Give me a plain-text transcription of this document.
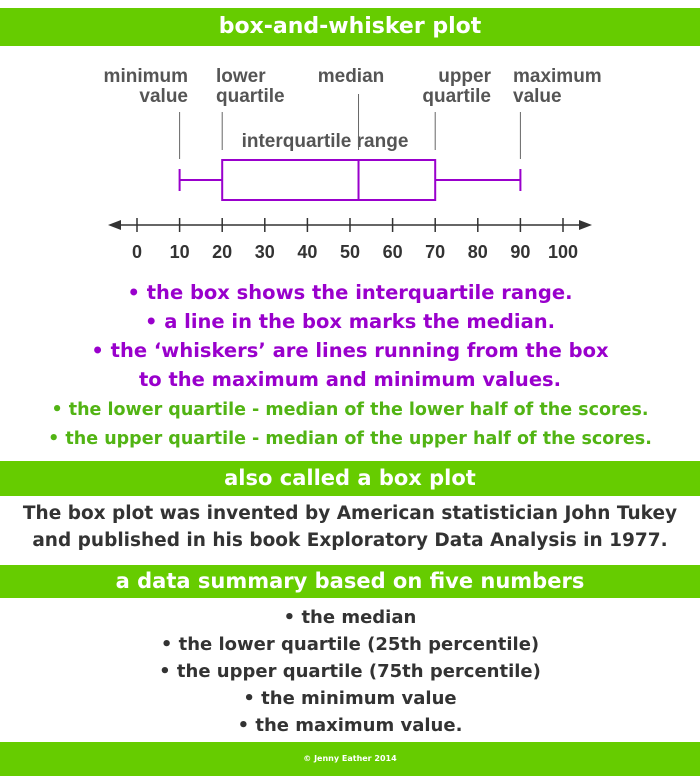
box-and-whisker plot
minimum
value
lower
quartile
median	upper
quartile
maximum
value
interquartile range
0 10 20 30 40 50 60 70 80 90 100
• the box shows the interquartile range.
• a line in the box marks the median.
• the ‘whiskers’ are lines running from the box
to the maximum and minimum values.
• the lower quartile - median of the lower half of the scores.
• the upper quartile - median of the upper half of the scores.
also called a box plot
The box plot was invented by American statistician John Tukey
and published in his book Exploratory Data Analysis in 1977.
a data summary based on five numbers
• the median
• the lower quartile (25th percentile)
• the upper quartile (75th percentile)
• the minimum value
• the maximum value.
© Jenny Eather 2014
